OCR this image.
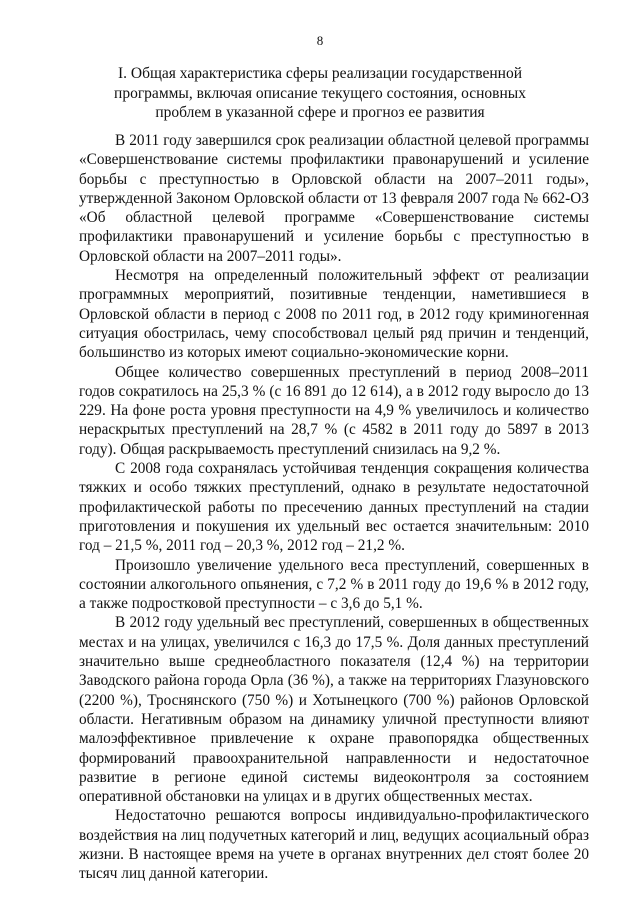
8
I. Общая характеристика сферы реализации государственной программы, включая описание текущего состояния, основных проблем в указанной сфере и прогноз ее развития

В 2011 году завершился срок реализации областной целевой программы «Совершенствование системы профилактики правонарушений и усиление борьбы с преступностью в Орловской области на 2007–2011 годы», утвержденной Законом Орловской области от 13 февраля 2007 года № 662-ОЗ «Об областной целевой программе «Совершенствование системы профилактики правонарушений и усиление борьбы с преступностью в Орловской области на 2007–2011 годы».

Несмотря на определенный положительный эффект от реализации программных мероприятий, позитивные тенденции, наметившиеся в Орловской области в период с 2008 по 2011 год, в 2012 году криминогенная ситуация обострилась, чему способствовал целый ряд причин и тенденций, большинство из которых имеют социально-экономические корни.

Общее количество совершенных преступлений в период 2008–2011 годов сократилось на 25,3 % (с 16 891 до 12 614), а в 2012 году выросло до 13 229. На фоне роста уровня преступности на 4,9 % увеличилось и количество нераскрытых преступлений на 28,7 % (с 4582 в 2011 году до 5897 в 2013 году). Общая раскрываемость преступлений снизилась на 9,2 %.

С 2008 года сохранялась устойчивая тенденция сокращения количества тяжких и особо тяжких преступлений, однако в результате недостаточной профилактической работы по пресечению данных преступлений на стадии приготовления и покушения их удельный вес остается значительным: 2010 год – 21,5 %, 2011 год – 20,3 %, 2012 год – 21,2 %.

Произошло увеличение удельного веса преступлений, совершенных в состоянии алкогольного опьянения, с 7,2 % в 2011 году до 19,6 % в 2012 году, а также подростковой преступности – с 3,6 до 5,1 %.

В 2012 году удельный вес преступлений, совершенных в общественных местах и на улицах, увеличился с 16,3 до 17,5 %. Доля данных преступлений значительно выше среднеобластного показателя (12,4 %) на территории Заводского района города Орла (36 %), а также на территориях Глазуновского (2200 %), Троснянского (750 %) и Хотынецкого (700 %) районов Орловской области. Негативным образом на динамику уличной преступности влияют малоэффективное привлечение к охране правопорядка общественных формирований правоохранительной направленности и недостаточное развитие в регионе единой системы видеоконтроля за состоянием оперативной обстановки на улицах и в других общественных местах.

Недостаточно решаются вопросы индивидуально-профилактического воздействия на лиц подучетных категорий и лиц, ведущих асоциальный образ жизни. В настоящее время на учете в органах внутренних дел стоят более 20 тысяч лиц данной категории.
